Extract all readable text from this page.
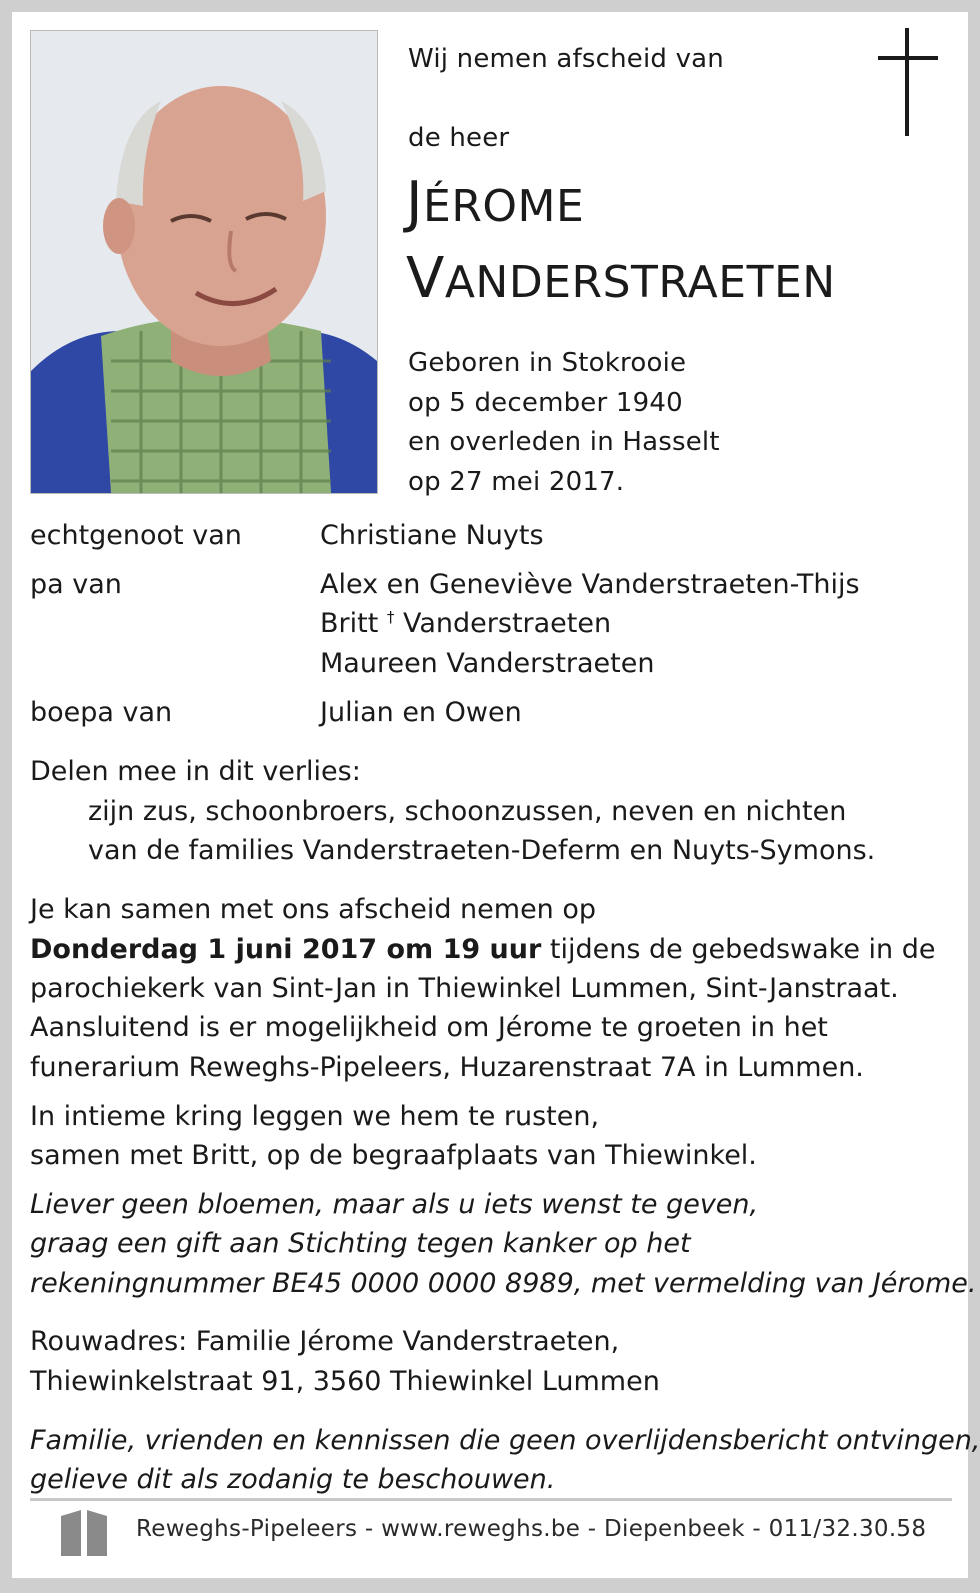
Wij nemen afscheid van
de heer
JÉROME
VANDERSTRAETEN
Geboren in Stokrooie
op 5 december 1940
en overleden in Hasselt
op 27 mei 2017.
echtgenoot van	Christiane Nuyts
pa van	Alex en Geneviève Vanderstraeten-Thijs
Britt † Vanderstraeten
Maureen Vanderstraeten
boepa van	Julian en Owen
Delen mee in dit verlies:
zijn zus, schoonbroers, schoonzussen, neven en nichten
van de families Vanderstraeten-Deferm en Nuyts-Symons.
Je kan samen met ons afscheid nemen op
Donderdag 1 juni 2017 om 19 uur tijdens de gebedswake in de
parochiekerk van Sint-Jan in Thiewinkel Lummen, Sint-Janstraat.
Aansluitend is er mogelijkheid om Jérome te groeten in het
funerarium Reweghs-Pipeleers, Huzarenstraat 7A in Lummen.
In intieme kring leggen we hem te rusten,
samen met Britt, op de begraafplaats van Thiewinkel.
Liever geen bloemen, maar als u iets wenst te geven,
graag een gift aan Stichting tegen kanker op het
rekeningnummer BE45 0000 0000 8989, met vermelding van Jérome.
Rouwadres: Familie Jérome Vanderstraeten,
Thiewinkelstraat 91, 3560 Thiewinkel Lummen
Familie, vrienden en kennissen die geen overlijdensbericht ontvingen,
gelieve dit als zodanig te beschouwen.
Reweghs-Pipeleers - www.reweghs.be - Diepenbeek - 011/32.30.58
